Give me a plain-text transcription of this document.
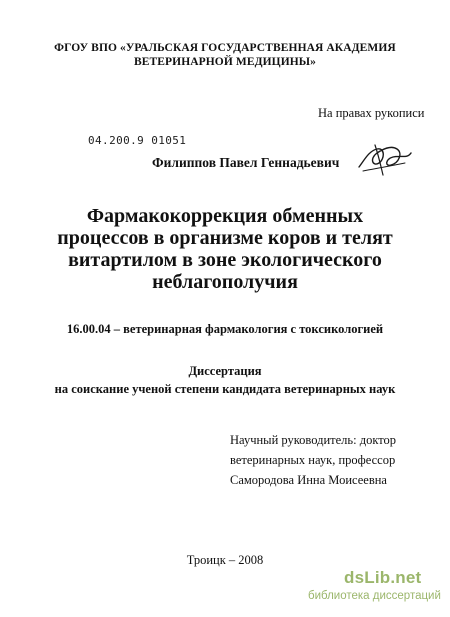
ФГОУ ВПО «УРАЛЬСКАЯ ГОСУДАРСТВЕННАЯ АКАДЕМИЯ
ВЕТЕРИНАРНОЙ МЕДИЦИНЫ»
На правах рукописи
04.200.9 01051
Филиппов Павел Геннадьевич
Фармакокоррекция обменных
процессов в организме коров и телят
витартилом в зоне экологического
неблагополучия
16.00.04 – ветеринарная фармакология с токсикологией
Диссертация
на соискание ученой степени кандидата ветеринарных наук
Научный руководитель: доктор
ветеринарных наук, профессор
Самородова Инна Моисеевна
Троицк – 2008
dsLib.net
библиотека диссертаций
